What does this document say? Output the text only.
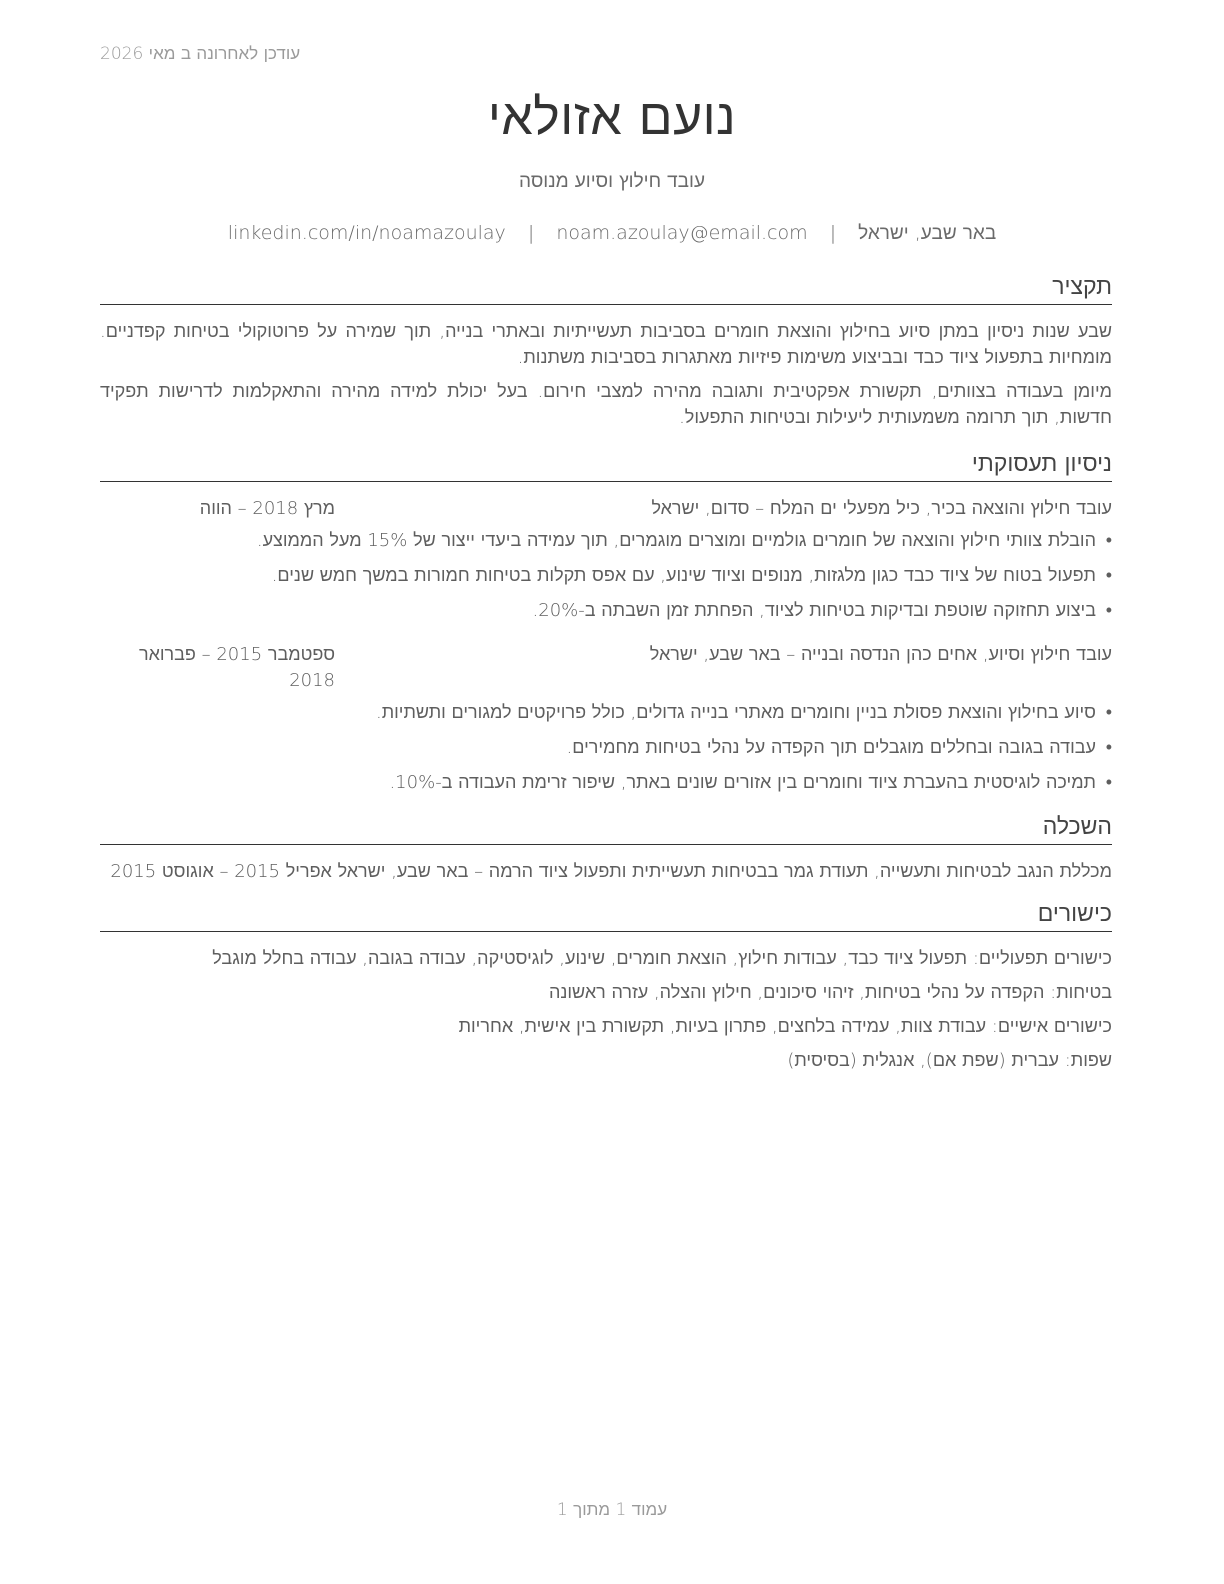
עודכן לאחרונה ב מאי 2026
נועם אזולאי
עובד חילוץ וסיוע מנוסה
באר שבע, ישראל | noam.azoulay@email.com | linkedin.com/in/noamazoulay
תקציר

שבע שנות ניסיון במתן סיוע בחילוץ והוצאת חומרים בסביבות תעשייתיות ובאתרי בנייה, תוך שמירה על פרוטוקולי בטיחות קפדניים. מומחיות בתפעול ציוד כבד ובביצוע משימות פיזיות מאתגרות בסביבות משתנות.

מיומן בעבודה בצוותים, תקשורת אפקטיבית ותגובה מהירה למצבי חירום. בעל יכולת למידה מהירה והתאקלמות לדרישות תפקיד חדשות, תוך תרומה משמעותית ליעילות ובטיחות התפעול.

ניסיון תעסוקתי
עובד חילוץ והוצאה בכיר, כיל מפעלי ים המלח – סדום, ישראל
מרץ 2018 – הווה
• הובלת צוותי חילוץ והוצאה של חומרים גולמיים ומוצרים מוגמרים, תוך עמידה ביעדי ייצור של 15% מעל הממוצע.
• תפעול בטוח של ציוד כבד כגון מלגזות, מנופים וציוד שינוע, עם אפס תקלות בטיחות חמורות במשך חמש שנים.
• ביצוע תחזוקה שוטפת ובדיקות בטיחות לציוד, הפחתת זמן השבתה ב-20%.
עובד חילוץ וסיוע, אחים כהן הנדסה ובנייה – באר שבע, ישראל
ספטמבר 2015 – פברואר 2018
• סיוע בחילוץ והוצאת פסולת בניין וחומרים מאתרי בנייה גדולים, כולל פרויקטים למגורים ותשתיות.
• עבודה בגובה ובחללים מוגבלים תוך הקפדה על נהלי בטיחות מחמירים.
• תמיכה לוגיסטית בהעברת ציוד וחומרים בין אזורים שונים באתר, שיפור זרימת העבודה ב-10%.
השכלה
מכללת הנגב לבטיחות ותעשייה, תעודת גמר בבטיחות תעשייתית ותפעול ציוד הרמה – באר שבע, ישראל אפריל 2015 – אוגוסט 2015
כישורים
כישורים תפעוליים: תפעול ציוד כבד, עבודות חילוץ, הוצאת חומרים, שינוע, לוגיסטיקה, עבודה בגובה, עבודה בחלל מוגבל
בטיחות: הקפדה על נהלי בטיחות, זיהוי סיכונים, חילוץ והצלה, עזרה ראשונה
כישורים אישיים: עבודת צוות, עמידה בלחצים, פתרון בעיות, תקשורת בין אישית, אחריות
שפות: עברית (שפת אם), אנגלית (בסיסית)
עמוד 1 מתוך 1
